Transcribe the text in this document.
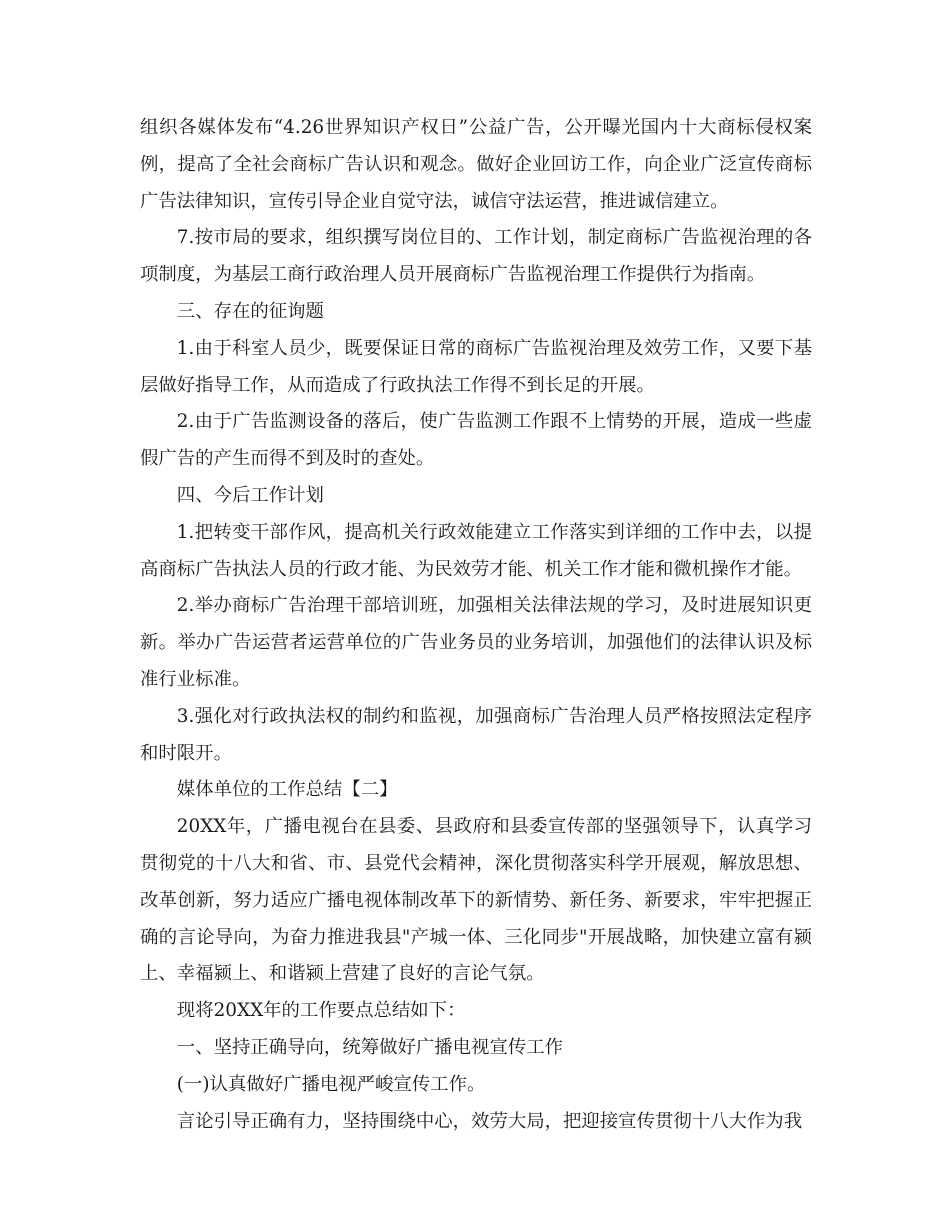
组织各媒体发布“4.26世界知识产权日”公益广告，公开曝光国内十大商标侵权案例，提高了全社会商标广告认识和观念。做好企业回访工作，向企业广泛宣传商标广告法律知识，宣传引导企业自觉守法，诚信守法运营，推进诚信建立。

7.按市局的要求，组织撰写岗位目的、工作计划，制定商标广告监视治理的各项制度，为基层工商行政治理人员开展商标广告监视治理工作提供行为指南。

三、存在的征询题

1.由于科室人员少，既要保证日常的商标广告监视治理及效劳工作，又要下基层做好指导工作，从而造成了行政执法工作得不到长足的开展。

2.由于广告监测设备的落后，使广告监测工作跟不上情势的开展，造成一些虚假广告的产生而得不到及时的查处。

四、今后工作计划

1.把转变干部作风，提高机关行政效能建立工作落实到详细的工作中去，以提高商标广告执法人员的行政才能、为民效劳才能、机关工作才能和微机操作才能。

2.举办商标广告治理干部培训班，加强相关法律法规的学习，及时进展知识更新。举办广告运营者运营单位的广告业务员的业务培训，加强他们的法律认识及标准行业标准。

3.强化对行政执法权的制约和监视，加强商标广告治理人员严格按照法定程序和时限开。

媒体单位的工作总结【二】

20XX年，广播电视台在县委、县政府和县委宣传部的坚强领导下，认真学习贯彻党的十八大和省、市、县党代会精神，深化贯彻落实科学开展观，解放思想、改革创新，努力适应广播电视体制改革下的新情势、新任务、新要求，牢牢把握正确的言论导向，为奋力推进我县"产城一体、三化同步"开展战略，加快建立富有颍上、幸福颍上、和谐颍上营建了良好的言论气氛。

现将20XX年的工作要点总结如下：

一、坚持正确导向，统筹做好广播电视宣传工作

(一)认真做好广播电视严峻宣传工作。

言论引导正确有力，坚持围绕中心，效劳大局，把迎接宣传贯彻十八大作为我
